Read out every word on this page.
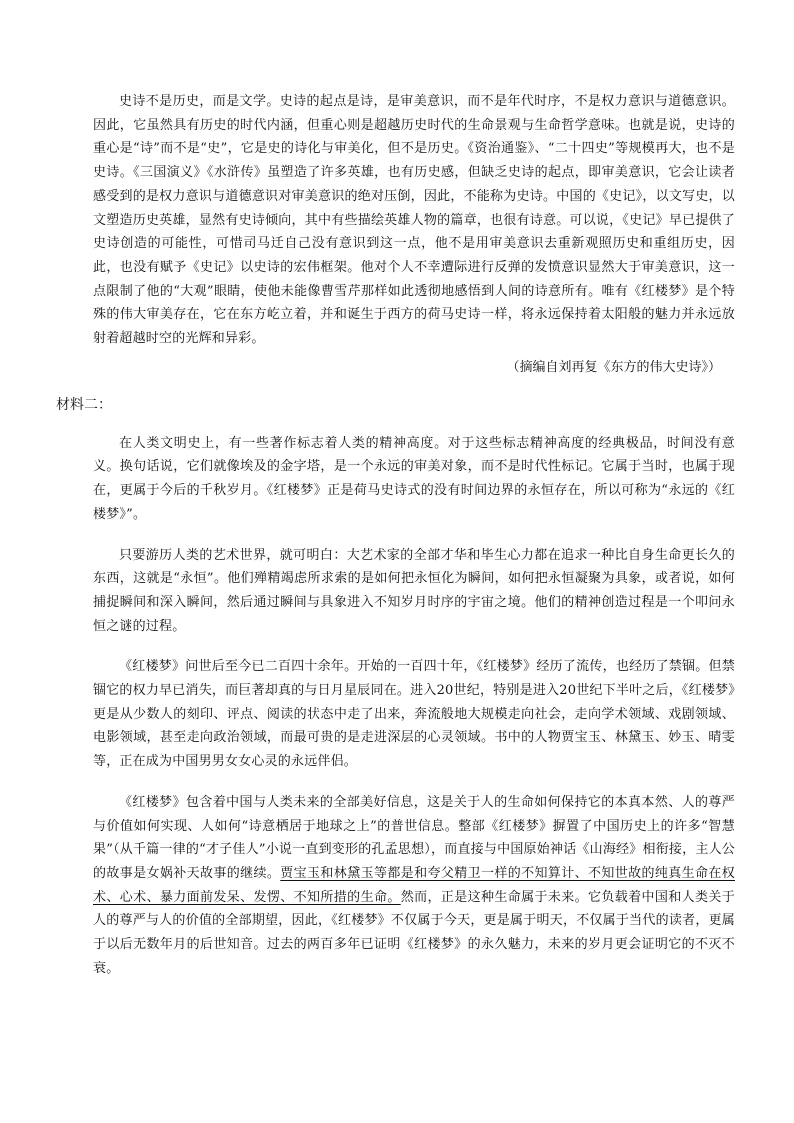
史诗不是历史，而是文学。史诗的起点是诗，是审美意识，而不是年代时序，不是权力意识与道德意识。因此，它虽然具有历史的时代内涵，但重心则是超越历史时代的生命景观与生命哲学意味。也就是说，史诗的重心是“诗”而不是“史”，它是史的诗化与审美化，但不是历史。《资治通鉴》、“二十四史”等规模再大，也不是史诗。《三国演义》《水浒传》虽塑造了许多英雄，也有历史感，但缺乏史诗的起点，即审美意识，它会让读者感受到的是权力意识与道德意识对审美意识的绝对压倒，因此，不能称为史诗。中国的《史记》，以文写史，以文塑造历史英雄，显然有史诗倾向，其中有些描绘英雄人物的篇章，也很有诗意。可以说，《史记》早已提供了史诗创造的可能性，可惜司马迁自己没有意识到这一点，他不是用审美意识去重新观照历史和重组历史，因此，也没有赋予《史记》以史诗的宏伟框架。他对个人不幸遭际进行反弹的发愤意识显然大于审美意识，这一点限制了他的“大观”眼睛，使他未能像曹雪芹那样如此透彻地感悟到人间的诗意所有。唯有《红楼梦》是个特殊的伟大审美存在，它在东方屹立着，并和诞生于西方的荷马史诗一样，将永远保持着太阳般的魅力并永远放射着超越时空的光辉和异彩。

（摘编自刘再复《东方的伟大史诗》）

材料二：

在人类文明史上，有一些著作标志着人类的精神高度。对于这些标志精神高度的经典极品，时间没有意义。换句话说，它们就像埃及的金字塔，是一个永远的审美对象，而不是时代性标记。它属于当时，也属于现在，更属于今后的千秋岁月。《红楼梦》正是荷马史诗式的没有时间边界的永恒存在，所以可称为“永远的《红楼梦》”。

只要游历人类的艺术世界，就可明白：大艺术家的全部才华和毕生心力都在追求一种比自身生命更长久的东西，这就是“永恒”。他们殚精竭虑所求索的是如何把永恒化为瞬间，如何把永恒凝聚为具象，或者说，如何捕捉瞬间和深入瞬间，然后通过瞬间与具象进入不知岁月时序的宇宙之境。他们的精神创造过程是一个叩问永恒之谜的过程。

《红楼梦》问世后至今已二百四十余年。开始的一百四十年，《红楼梦》经历了流传，也经历了禁锢。但禁锢它的权力早已消失，而巨著却真的与日月星辰同在。进入20世纪，特别是进入20世纪下半叶之后，《红楼梦》更是从少数人的刻印、评点、阅读的状态中走了出来，奔流般地大规模走向社会，走向学术领域、戏剧领域、电影领域，甚至走向政治领域，而最可贵的是走进深层的心灵领域。书中的人物贾宝玉、林黛玉、妙玉、晴雯等，正在成为中国男男女女心灵的永远伴侣。

《红楼梦》包含着中国与人类未来的全部美好信息，这是关于人的生命如何保持它的本真本然、人的尊严与价值如何实现、人如何“诗意栖居于地球之上”的普世信息。整部《红楼梦》摒置了中国历史上的许多“智慧果”（从千篇一律的“才子佳人”小说一直到变形的孔孟思想），而直接与中国原始神话《山海经》相衔接，主人公的故事是女娲补天故事的继续。贾宝玉和林黛玉等都是和夸父精卫一样的不知算计、不知世故的纯真生命在权术、心术、暴力面前发呆、发愣、不知所措的生命。然而，正是这种生命属于未来。它负载着中国和人类关于人的尊严与人的价值的全部期望，因此，《红楼梦》不仅属于今天，更是属于明天，不仅属于当代的读者，更属于以后无数年月的后世知音。过去的两百多年已证明《红楼梦》的永久魅力，未来的岁月更会证明它的不灭不衰。
